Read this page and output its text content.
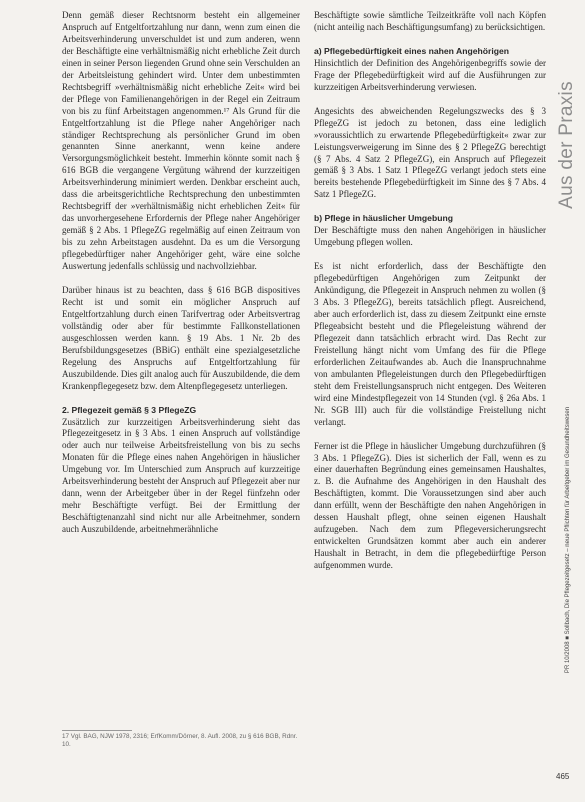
Denn gemäß dieser Rechtsnorm besteht ein allgemeiner Anspruch auf Entgeltfortzahlung nur dann, wenn zum einen die Arbeitsverhinderung unverschuldet ist und zum anderen, wenn der Beschäftigte eine verhältnismäßig nicht erhebliche Zeit durch einen in seiner Person liegenden Grund ohne sein Verschulden an der Arbeitsleistung gehindert wird. Unter dem unbestimmten Rechtsbegriff »verhältnismäßig nicht erhebliche Zeit« wird bei der Pflege von Familienangehörigen in der Regel ein Zeitraum von bis zu fünf Arbeitstagen angenommen.¹⁷ Als Grund für die Entgeltfortzahlung ist die Pflege naher Angehöriger nach ständiger Rechtsprechung als persönlicher Grund im oben genannten Sinne anerkannt, wenn keine andere Versorgungsmöglichkeit besteht. Immerhin könnte somit nach § 616 BGB die vergangene Vergütung während der kurzzeitigen Arbeitsverhinderung minimiert werden. Denkbar erscheint auch, dass die arbeitsgerichtliche Rechtsprechung den unbestimmten Rechtsbegriff der »verhältnismäßig nicht erheblichen Zeit« für das unvorhergesehene Erfordernis der Pflege naher Angehöriger gemäß § 2 Abs. 1 PflegeZG regelmäßig auf einen Zeitraum von bis zu zehn Arbeitstagen ausdehnt. Da es um die Versorgung pflegebedürftiger naher Angehöriger geht, wäre eine solche Auswertung jedenfalls schlüssig und nachvollziehbar.

Darüber hinaus ist zu beachten, dass § 616 BGB dispositives Recht ist und somit ein möglicher Anspruch auf Entgeltfortzahlung durch einen Tarifvertrag oder Arbeitsvertrag vollständig oder aber für bestimmte Fallkonstellationen ausgeschlossen werden kann. § 19 Abs. 1 Nr. 2b des Berufsbildungsgesetzes (BBiG) enthält eine spezialgesetzliche Regelung des Anspruchs auf Entgeltfortzahlung für Auszubildende. Dies gilt analog auch für Auszubildende, die dem Krankenpflegegesetz bzw. dem Altenpflegegesetz unterliegen.

2. Pflegezeit gemäß § 3 PflegeZG

Zusätzlich zur kurzzeitigen Arbeitsverhinderung sieht das Pflegezeitgesetz in § 3 Abs. 1 einen Anspruch auf vollständige oder auch nur teilweise Arbeitsfreistellung von bis zu sechs Monaten für die Pflege eines nahen Angehörigen in häuslicher Umgebung vor. Im Unterschied zum Anspruch auf kurzzeitige Arbeitsverhinderung besteht der Anspruch auf Pflegezeit aber nur dann, wenn der Arbeitgeber über in der Regel fünfzehn oder mehr Beschäftigte verfügt. Bei der Ermittlung der Beschäftigtenanzahl sind nicht nur alle Arbeitnehmer, sondern auch Auszubildende, arbeitnehmerähnliche

Beschäftigte sowie sämtliche Teilzeitkräfte voll nach Köpfen (nicht anteilig nach Beschäftigungsumfang) zu berücksichtigen.

a) Pflegebedürftigkeit eines nahen Angehörigen

Hinsichtlich der Definition des Angehörigenbegriffs sowie der Frage der Pflegebedürftigkeit wird auf die Ausführungen zur kurzzeitigen Arbeitsverhinderung verwiesen.

Angesichts des abweichenden Regelungszwecks des § 3 PflegeZG ist jedoch zu betonen, dass eine lediglich »voraussichtlich zu erwartende Pflegebedürftigkeit« zwar zur Leistungsverweigerung im Sinne des § 2 PflegeZG berechtigt (§ 7 Abs. 4 Satz 2 PflegeZG), ein Anspruch auf Pflegezeit gemäß § 3 Abs. 1 Satz 1 PflegeZG verlangt jedoch stets eine bereits bestehende Pflegebedürftigkeit im Sinne des § 7 Abs. 4 Satz 1 PflegeZG.

b) Pflege in häuslicher Umgebung

Der Beschäftigte muss den nahen Angehörigen in häuslicher Umgebung pflegen wollen.

Es ist nicht erforderlich, dass der Beschäftigte den pflegebedürftigen Angehörigen zum Zeitpunkt der Ankündigung, die Pflegezeit in Anspruch nehmen zu wollen (§ 3 Abs. 3 PflegeZG), bereits tatsächlich pflegt. Ausreichend, aber auch erforderlich ist, dass zu diesem Zeitpunkt eine ernste Pflegeabsicht besteht und die Pflegeleistung während der Pflegezeit dann tatsächlich erbracht wird. Das Recht zur Freistellung hängt nicht vom Umfang des für die Pflege erforderlichen Zeitaufwandes ab. Auch die Inanspruchnahme von ambulanten Pflegeleistungen durch den Pflegebedürftigen steht dem Freistellungsanspruch nicht entgegen. Des Weiteren wird eine Mindestpflegezeit von 14 Stunden (vgl. § 26a Abs. 1 Nr. SGB III) auch für die vollständige Freistellung nicht verlangt.

Ferner ist die Pflege in häuslicher Umgebung durchzuführen (§ 3 Abs. 1 PflegeZG). Dies ist sicherlich der Fall, wenn es zu einer dauerhaften Begründung eines gemeinsamen Haushaltes, z. B. die Aufnahme des Angehörigen in den Haushalt des Beschäftigten, kommt. Die Voraussetzungen sind aber auch dann erfüllt, wenn der Beschäftigte den nahen Angehörigen in dessen Haushalt pflegt, ohne seinen eigenen Haushalt aufzugeben. Nach dem zum Pflegeversicherungsrecht entwickelten Grundsätzen kommt aber auch ein anderer Haushalt in Betracht, in dem die pflegebedürftige Person aufgenommen wurde.

17 Vgl. BAG, NJW 1978, 2316; ErfKomm/Dörner, 8. Aufl. 2008, zu § 616 BGB, Rdnr. 10.
Aus der Praxis
PR 10/2008 ■ Sollbach, Die Pflegezeitgesetz – neue Pflichten für Arbeitgeber im Gesundheitswesen
465
